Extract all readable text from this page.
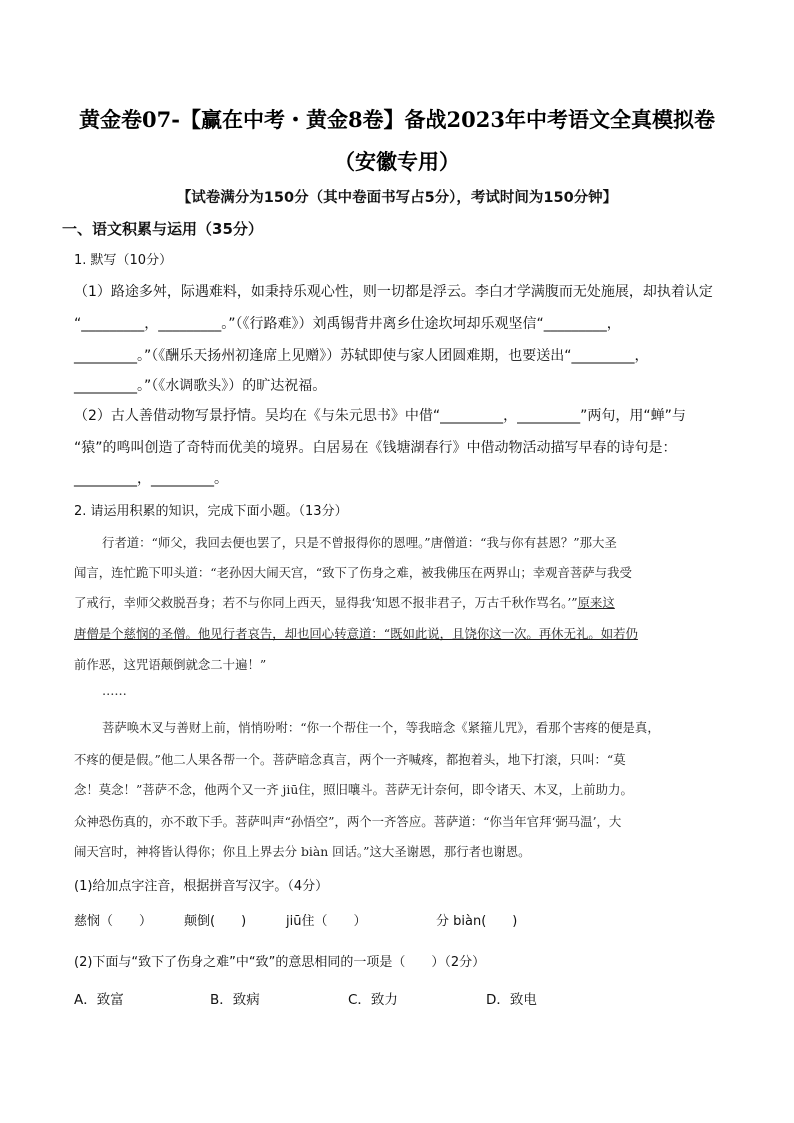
黄金卷07-【赢在中考・黄金8卷】备战2023年中考语文全真模拟卷
（安徽专用）
【试卷满分为150分（其中卷面书写占5分），考试时间为150分钟】
一、语文积累与运用（35分）
1. 默写（10分）
（1）路途多舛，际遇难料，如秉持乐观心性，则一切都是浮云。李白才学满腹而无处施展，却执着认定
“_________，_________。”（《行路难》）刘禹锡背井离乡仕途坎坷却乐观坚信“_________，
_________。”（《酬乐天扬州初逢席上见赠》）苏轼即使与家人团圆难期，也要送出“_________，
_________。”（《水调歌头》）的旷达祝福。
（2）古人善借动物写景抒情。吴均在《与朱元思书》中借“_________，_________”两句，用“蝉”与
“猿”的鸣叫创造了奇特而优美的境界。白居易在《钱塘湖春行》中借动物活动描写早春的诗句是：
_________，_________。
2. 请运用积累的知识，完成下面小题。（13分）
行者道：“师父，我回去便也罢了，只是不曾报得你的恩哩。”唐僧道：“我与你有甚恩？”那大圣
闻言，连忙跪下叩头道：“老孙因大闹天宫，“致下了伤身之难，被我佛压在两界山；幸观音菩萨与我受
了戒行，幸师父救脱吾身；若不与你同上西天，显得我‘知恩不报非君子，万古千秋作骂名。’”原来这
唐僧是个慈悯的圣僧。他见行者哀告，却也回心转意道：“既如此说，且饶你这一次。再休无礼。如若仍
前作恶，这咒语颠倒就念二十遍！”
……
菩萨唤木叉与善财上前，悄悄吩咐：“你一个帮住一个，等我暗念《紧箍儿咒》，看那个害疼的便是真，
不疼的便是假。”他二人果各帮一个。菩萨暗念真言，两个一齐喊疼，都抱着头，地下打滚，只叫：“莫
念！莫念！”菩萨不念，他两个又一齐 jiū住，照旧嚷斗。菩萨无计奈何，即令诸天、木叉，上前助力。
众神恐伤真的，亦不敢下手。菩萨叫声“孙悟空”，两个一齐答应。菩萨道：“你当年官拜‘弼马温’，大
闹天宫时，神将皆认得你；你且上界去分 biàn 回话。”这大圣谢恩，那行者也谢恩。
(1)给加点字注音，根据拼音写汉字。（4分）
慈悯（　　） 颠倒(　　)	jiū住（　　）	分 biàn(　　)
(2)下面与“致下了伤身之难”中“致”的意思相同的一项是（　　）（2分）
A．致富	B．致病	C．致力	D．致电
